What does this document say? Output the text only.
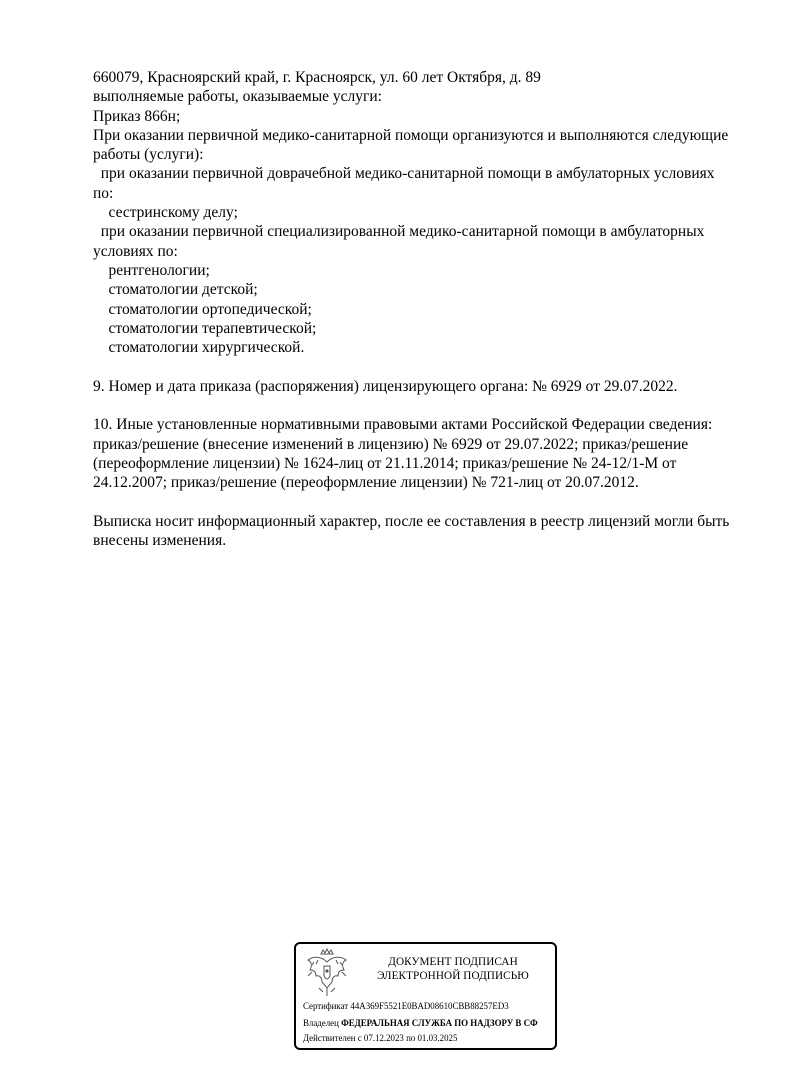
660079, Красноярский край, г. Красноярск, ул. 60 лет Октября, д. 89
выполняемые работы, оказываемые услуги:
Приказ 866н;
При оказании первичной медико-санитарной помощи организуются и выполняются следующие
работы (услуги):
при оказании первичной доврачебной медико-санитарной помощи в амбулаторных условиях
по:
сестринскому делу;
при оказании первичной специализированной медико-санитарной помощи в амбулаторных
условиях по:
рентгенологии;
стоматологии детской;
стоматологии ортопедической;
стоматологии терапевтической;
стоматологии хирургической.
9. Номер и дата приказа (распоряжения) лицензирующего органа: № 6929 от 29.07.2022.
10. Иные установленные нормативными правовыми актами Российской Федерации сведения:
приказ/решение (внесение изменений в лицензию) № 6929 от 29.07.2022; приказ/решение
(переоформление лицензии) № 1624-лиц от 21.11.2014; приказ/решение № 24-12/1-М от
24.12.2007; приказ/решение (переоформление лицензии) № 721-лиц от 20.07.2012.
Выписка носит информационный характер, после ее составления в реестр лицензий могли быть
внесены изменения.
ДОКУМЕНТ ПОДПИСАН
ЭЛЕКТРОННОЙ ПОДПИСЬЮ
Сертификат 44A369F5521E0BAD08610CBB88257ED3
Владелец ФЕДЕРАЛЬНАЯ СЛУЖБА ПО НАДЗОРУ В СФ
Действителен с 07.12.2023 по 01.03.2025
